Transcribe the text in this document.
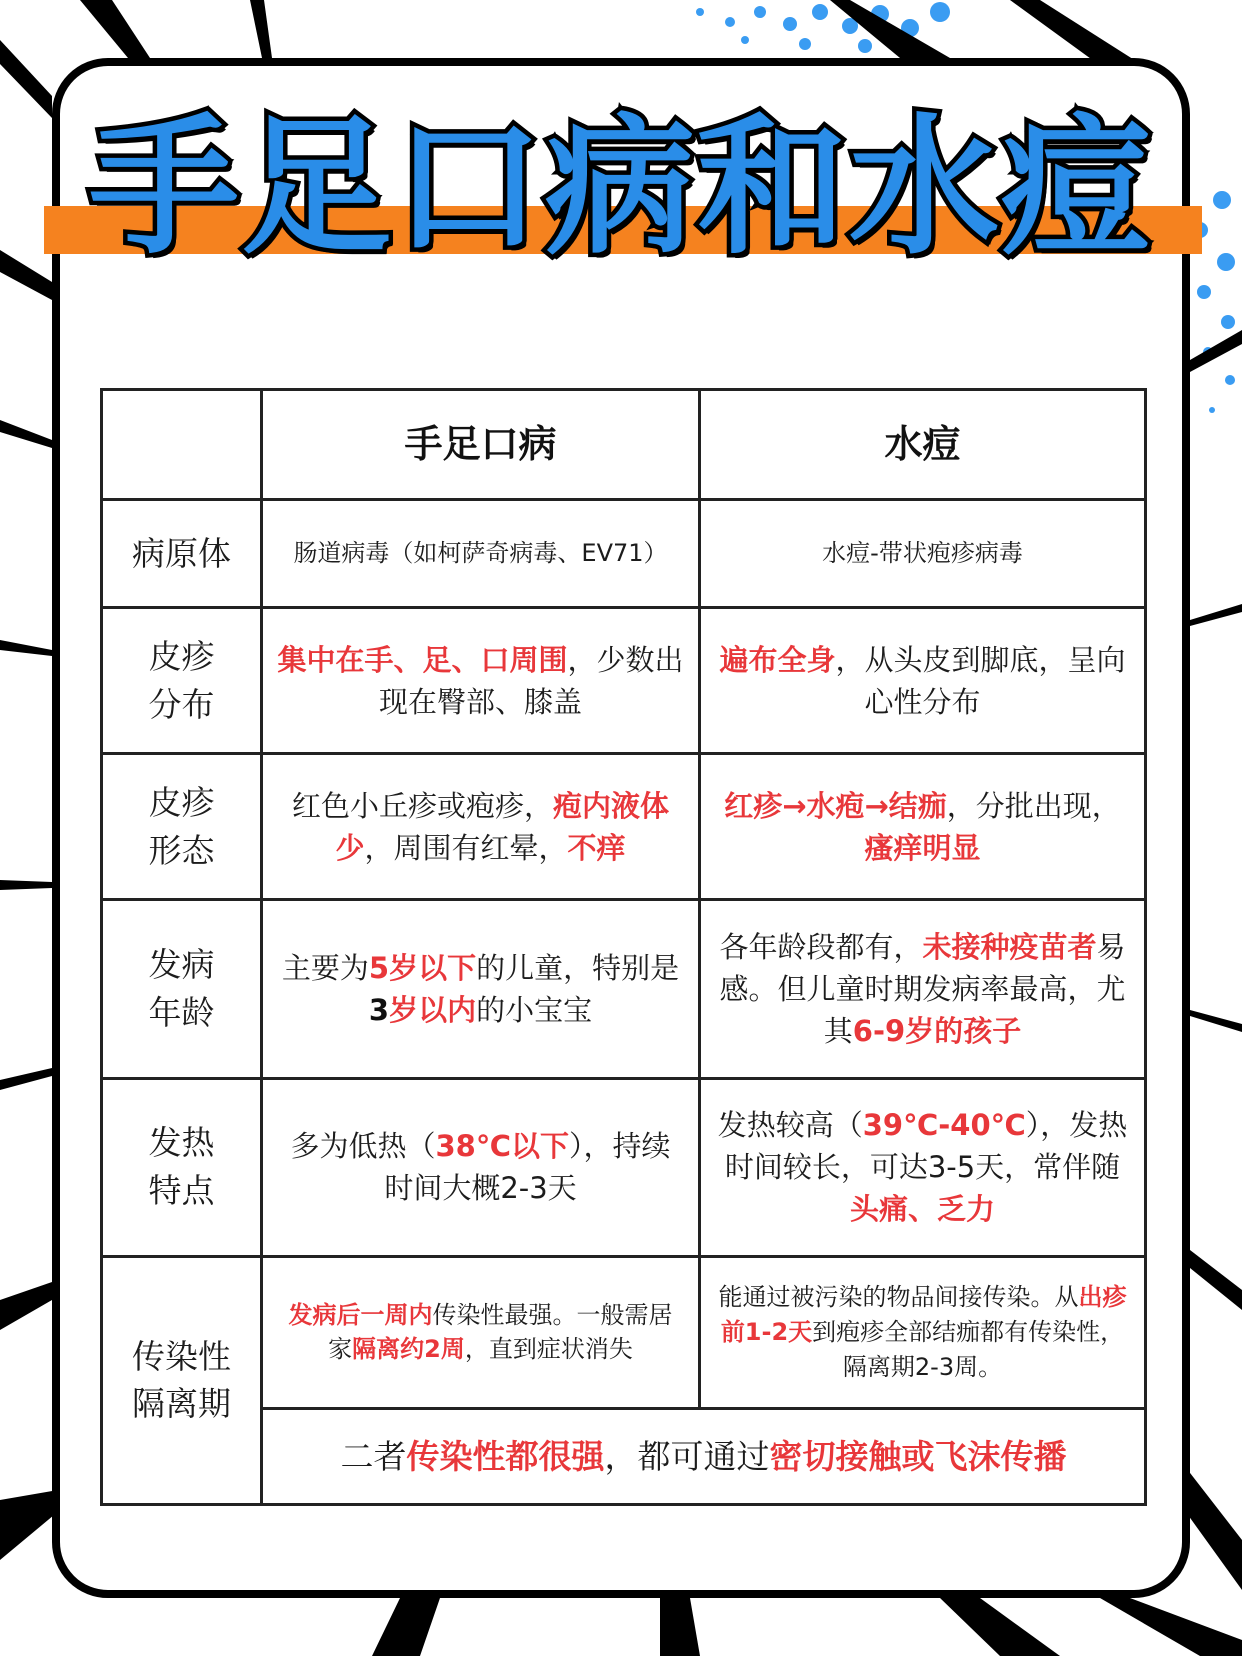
手足口病和水痘
	手足口病	水痘
病原体	肠道病毒（如柯萨奇病毒、EV71）	水痘-带状疱疹病毒
皮疹
分布	集中在手、足、口周围，少数出现在臀部、膝盖	遍布全身，从头皮到脚底，呈向心性分布
皮疹
形态	红色小丘疹或疱疹，疱内液体少，周围有红晕，不痒	红疹→水疱→结痂，分批出现，瘙痒明显
发病
年龄	主要为5岁以下的儿童，特别是3岁以内的小宝宝	各年龄段都有，未接种疫苗者易感。但儿童时期发病率最高，尤其6-9岁的孩子
发热
特点	多为低热（38℃以下），持续时间大概2-3天	发热较高（39℃-40℃），发热时间较长，可达3-5天，常伴随头痛、乏力
传染性
隔离期	发病后一周内传染性最强。一般需居家隔离约2周，直到症状消失	能通过被污染的物品间接传染。从出疹前1-2天到疱疹全部结痂都有传染性，隔离期2-3周。
	二者传染性都很强，都可通过密切接触或飞沫传播	
